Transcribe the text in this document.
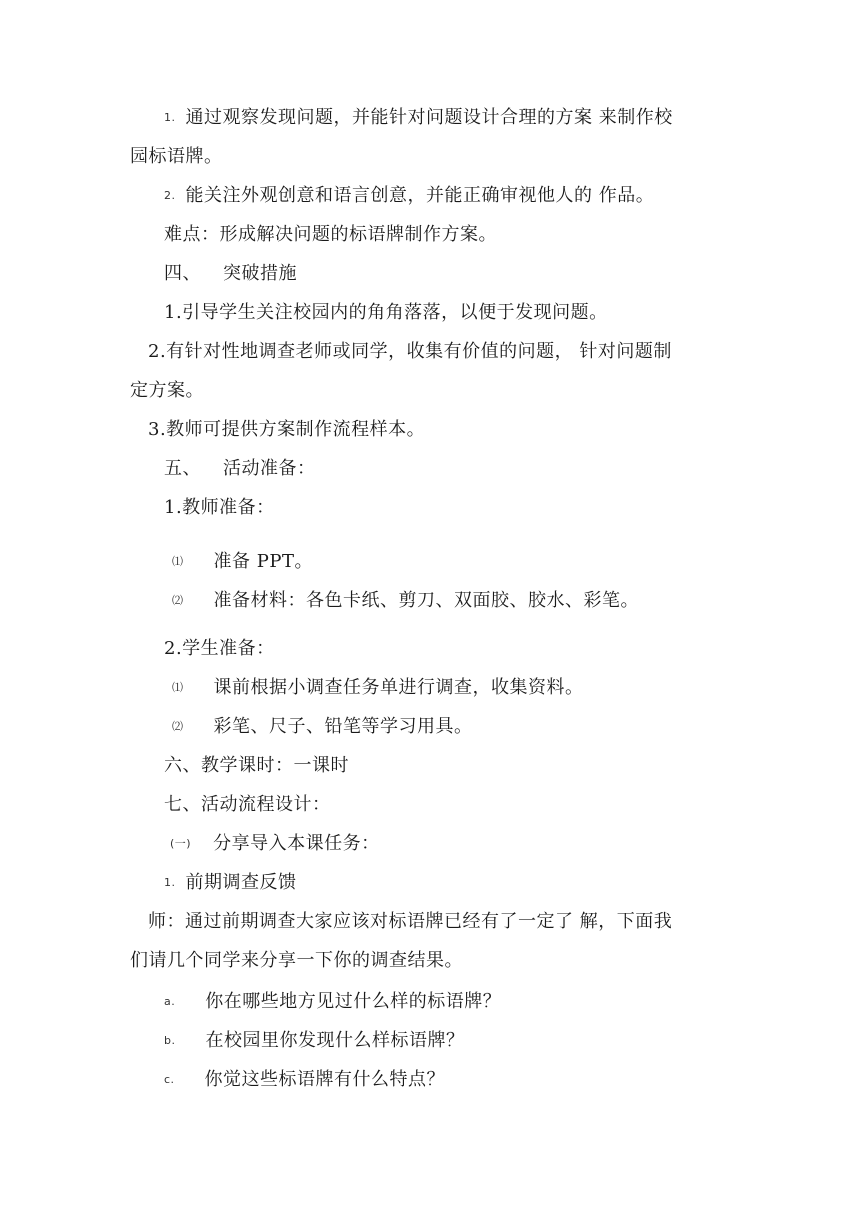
1. 通过观察发现问题，并能针对问题设计合理的方案 来制作校
园标语牌。
2. 能关注外观创意和语言创意，并能正确审视他人的 作品。
难点：形成解决问题的标语牌制作方案。
四、 突破措施
1.引导学生关注校园内的角角落落，以便于发现问题。
2.有针对性地调查老师或同学，收集有价值的问题， 针对问题制
定方案。
3.教师可提供方案制作流程样本。
五、 活动准备：
1.教师准备：
⑴ 准备 PPT。
⑵ 准备材料：各色卡纸、剪刀、双面胶、胶水、彩笔。
2.学生准备：
⑴ 课前根据小调查任务单进行调查，收集资料。
⑵ 彩笔、尺子、铅笔等学习用具。
六、教学课时：一课时
七、活动流程设计：
(一) 分享导入本课任务：
1. 前期调查反馈
师：通过前期调查大家应该对标语牌已经有了一定了 解，下面我
们请几个同学来分享一下你的调查结果。
a. 你在哪些地方见过什么样的标语牌？
b. 在校园里你发现什么样标语牌？
c. 你觉这些标语牌有什么特点？
